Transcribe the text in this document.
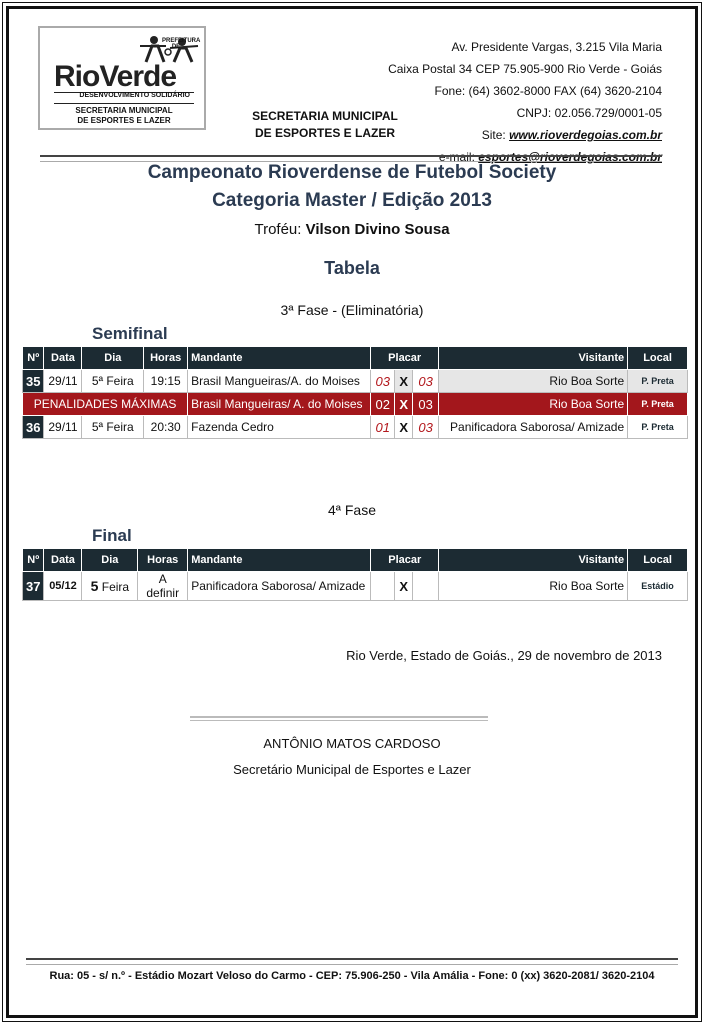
PREFEITURA DE
RioVerde
DESENVOLVIMENTO SOLIDÁRIO
SECRETARIA MUNICIPAL
DE ESPORTES E LAZER	SECRETARIA MUNICIPAL
DE ESPORTES E LAZER
Av. Presidente Vargas, 3.215 Vila Maria
Caixa Postal 34 CEP 75.905-900 Rio Verde - Goiás
Fone: (64) 3602-8000 FAX (64) 3620-2104
CNPJ: 02.056.729/0001-05
Site: www.rioverdegoias.com.br
e-mail: esportes@rioverdegoias.com.br
Campeonato Rioverdense de Futebol Society
Categoria Master / Edição 2013
Troféu: Vilson Divino Sousa
Tabela
3ª Fase - (Eliminatória)
Semifinal
Nº	Data	Dia	Horas	Mandante	Placar			Visitante	Local
35	29/11	5ª Feira	19:15	Brasil Mangueiras/A. do Moises	03	X	03	Rio Boa Sorte	P. Preta
PENALIDADES MÁXIMAS				Brasil Mangueiras/ A. do Moises	02	X	03	Rio Boa Sorte	P. Preta
36	29/11	5ª Feira	20:30	Fazenda Cedro	01	X	03	Panificadora Saborosa/ Amizade	P. Preta
4ª Fase
Final
Nº	Data	Dia	Horas	Mandante	Placar			Visitante	Local
37	05/12	5 Feira	A definir	Panificadora Saborosa/ Amizade		X		Rio Boa Sorte	Estádio
Rio Verde, Estado de Goiás., 29 de novembro de 2013
ANTÔNIO MATOS CARDOSO
Secretário Municipal de Esportes e Lazer
Rua: 05 - s/ n.º - Estádio Mozart Veloso do Carmo - CEP: 75.906-250 - Vila Amália - Fone: 0 (xx) 3620-2081/ 3620-2104
